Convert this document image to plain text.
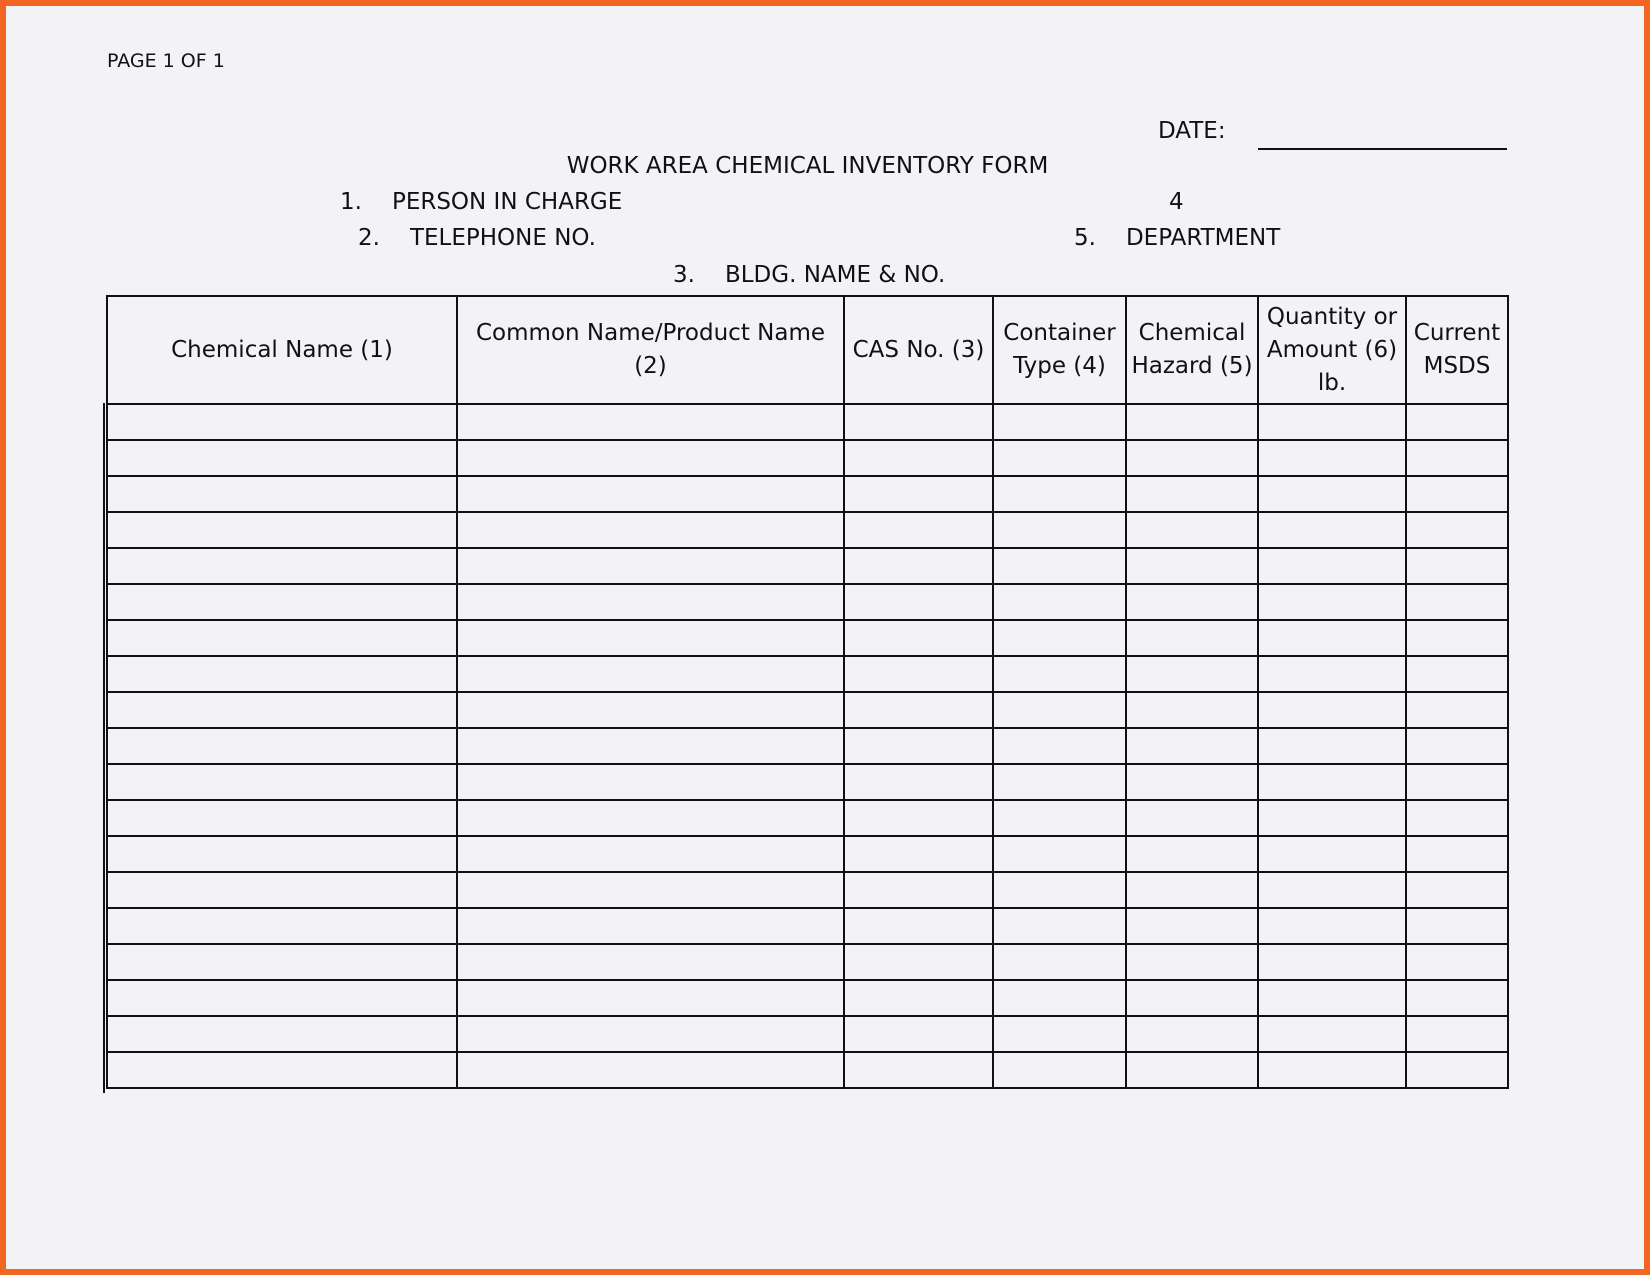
PAGE 1 OF 1
DATE:
WORK AREA CHEMICAL INVENTORY FORM
1. PERSON IN CHARGE	4
2. TELEPHONE NO.	5. DEPARTMENT
3. BLDG. NAME & NO.
Chemical Name (1)	Common Name/Product Name (2)	CAS No. (3)	Container Type (4)	Chemical Hazard (5)	Quantity or Amount (6) lb.	Current MSDS
